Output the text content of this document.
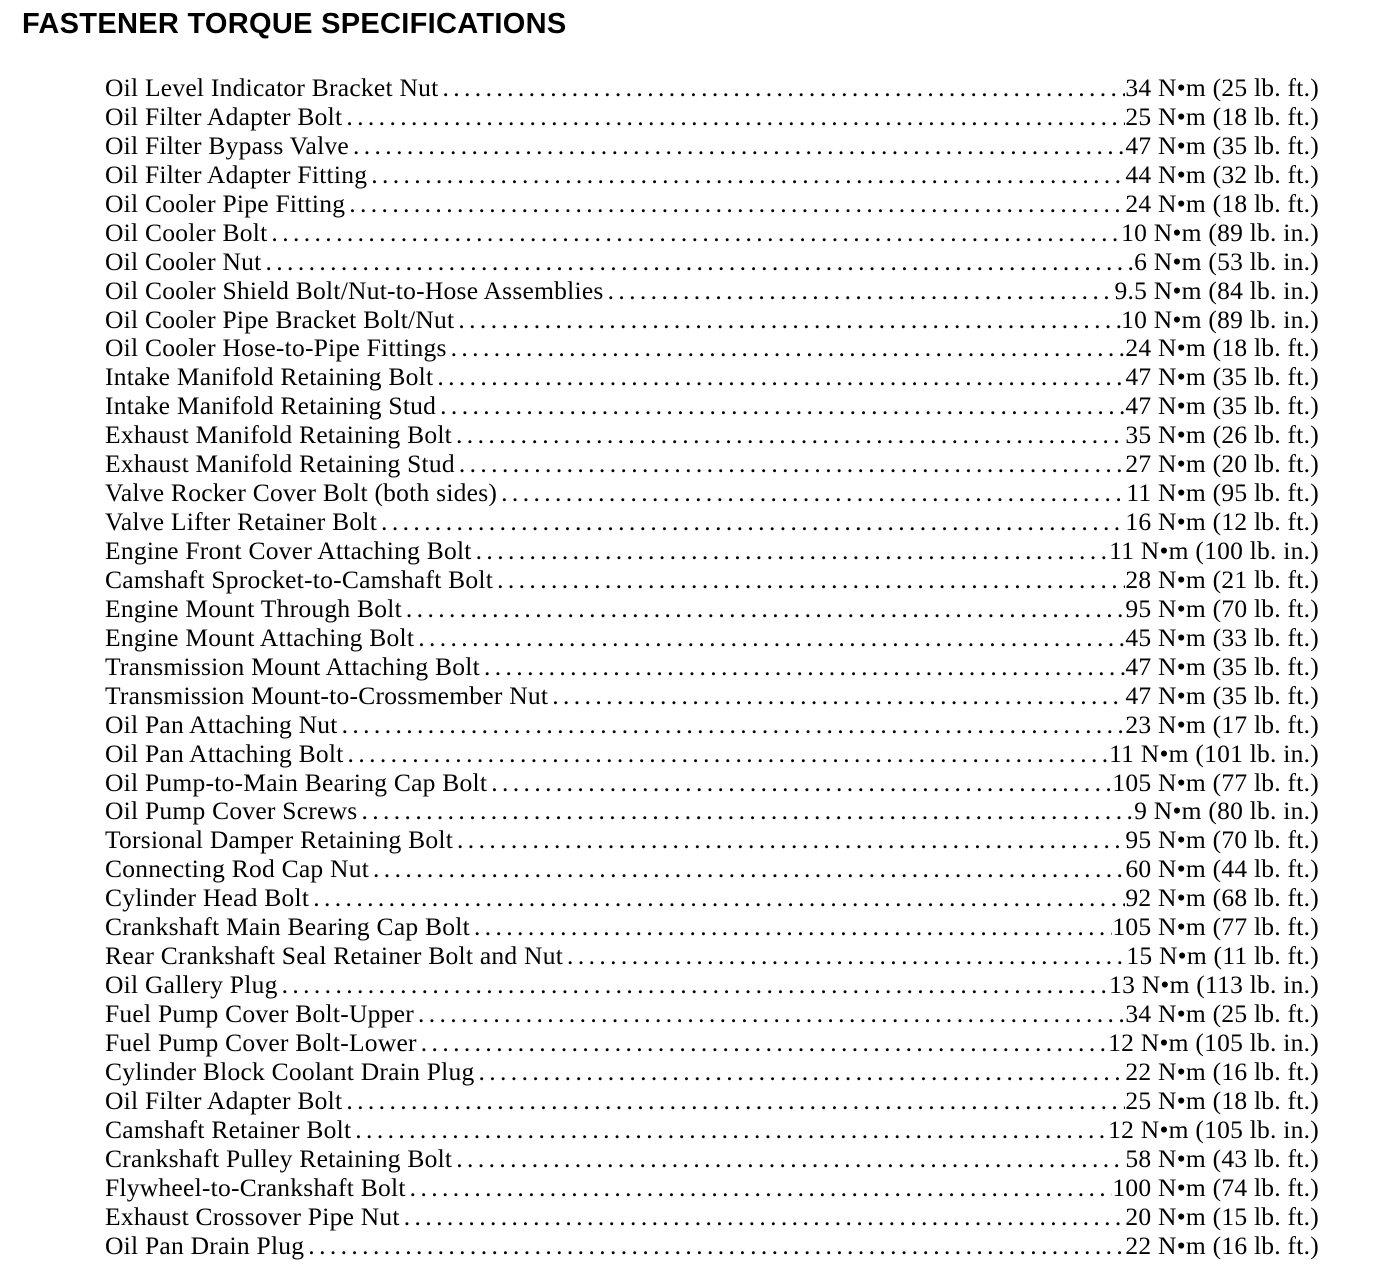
FASTENER TORQUE SPECIFICATIONS
Oil Level Indicator Bracket Nut .....	34 N•m (25 lb. ft.)
Oil Filter Adapter Bolt .....	25 N•m (18 lb. ft.)
Oil Filter Bypass Valve .....	47 N•m (35 lb. ft.)
Oil Filter Adapter Fitting .....	44 N•m (32 lb. ft.)
Oil Cooler Pipe Fitting .....	24 N•m (18 lb. ft.)
Oil Cooler Bolt .....	10 N•m (89 lb. in.)
Oil Cooler Nut .....	6 N•m (53 lb. in.)
Oil Cooler Shield Bolt/Nut-to-Hose Assemblies .....	9.5 N•m (84 lb. in.)
Oil Cooler Pipe Bracket Bolt/Nut .....	10 N•m (89 lb. in.)
Oil Cooler Hose-to-Pipe Fittings .....	24 N•m (18 lb. ft.)
Intake Manifold Retaining Bolt .....	47 N•m (35 lb. ft.)
Intake Manifold Retaining Stud .....	47 N•m (35 lb. ft.)
Exhaust Manifold Retaining Bolt .....	35 N•m (26 lb. ft.)
Exhaust Manifold Retaining Stud .....	27 N•m (20 lb. ft.)
Valve Rocker Cover Bolt (both sides) .....	11 N•m (95 lb. ft.)
Valve Lifter Retainer Bolt .....	16 N•m (12 lb. ft.)
Engine Front Cover Attaching Bolt .....	11 N•m (100 lb. in.)
Camshaft Sprocket-to-Camshaft Bolt .....	28 N•m (21 lb. ft.)
Engine Mount Through Bolt .....	95 N•m (70 lb. ft.)
Engine Mount Attaching Bolt .....	45 N•m (33 lb. ft.)
Transmission Mount Attaching Bolt .....	47 N•m (35 lb. ft.)
Transmission Mount-to-Crossmember Nut .....	47 N•m (35 lb. ft.)
Oil Pan Attaching Nut .....	23 N•m (17 lb. ft.)
Oil Pan Attaching Bolt .....	11 N•m (101 lb. in.)
Oil Pump-to-Main Bearing Cap Bolt .....	105 N•m (77 lb. ft.)
Oil Pump Cover Screws .....	9 N•m (80 lb. in.)
Torsional Damper Retaining Bolt .....	95 N•m (70 lb. ft.)
Connecting Rod Cap Nut .....	60 N•m (44 lb. ft.)
Cylinder Head Bolt .....	92 N•m (68 lb. ft.)
Crankshaft Main Bearing Cap Bolt .....	105 N•m (77 lb. ft.)
Rear Crankshaft Seal Retainer Bolt and Nut .....	15 N•m (11 lb. ft.)
Oil Gallery Plug .....	13 N•m (113 lb. in.)
Fuel Pump Cover Bolt-Upper .....	34 N•m (25 lb. ft.)
Fuel Pump Cover Bolt-Lower .....	12 N•m (105 lb. in.)
Cylinder Block Coolant Drain Plug .....	22 N•m (16 lb. ft.)
Oil Filter Adapter Bolt .....	25 N•m (18 lb. ft.)
Camshaft Retainer Bolt .....	12 N•m (105 lb. in.)
Crankshaft Pulley Retaining Bolt .....	58 N•m (43 lb. ft.)
Flywheel-to-Crankshaft Bolt .....	100 N•m (74 lb. ft.)
Exhaust Crossover Pipe Nut .....	20 N•m (15 lb. ft.)
Oil Pan Drain Plug .....	22 N•m (16 lb. ft.)
